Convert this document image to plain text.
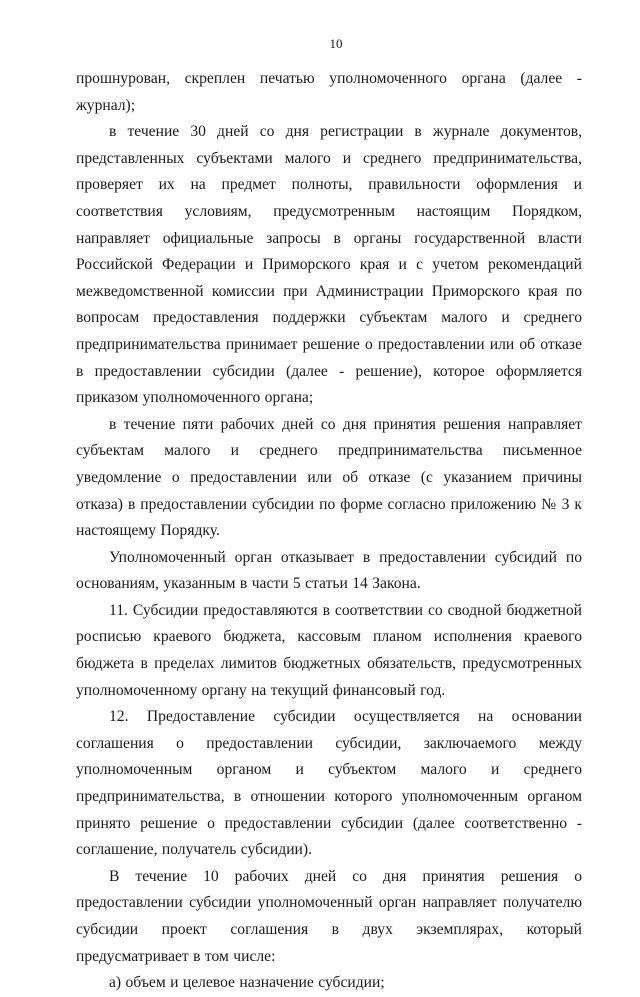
10

прошнурован, скреплен печатью уполномоченного органа (далее - журнал);

в течение 30 дней со дня регистрации в журнале документов, представленных субъектами малого и среднего предпринимательства, проверяет их на предмет полноты, правильности оформления и соответствия условиям, предусмотренным настоящим Порядком, направляет официальные запросы в органы государственной власти Российской Федерации и Приморского края и с учетом рекомендаций межведомственной комиссии при Администрации Приморского края по вопросам предоставления поддержки субъектам малого и среднего предпринимательства принимает решение о предоставлении или об отказе в предоставлении субсидии (далее - решение), которое оформляется приказом уполномоченного органа;

в течение пяти рабочих дней со дня принятия решения направляет субъектам малого и среднего предпринимательства письменное уведомление о предоставлении или об отказе (с указанием причины отказа) в предоставлении субсидии по форме согласно приложению № 3 к настоящему Порядку.

Уполномоченный орган отказывает в предоставлении субсидий по основаниям, указанным в части 5 статьи 14 Закона.

11. Субсидии предоставляются в соответствии со сводной бюджетной росписью краевого бюджета, кассовым планом исполнения краевого бюджета в пределах лимитов бюджетных обязательств, предусмотренных уполномоченному органу на текущий финансовый год.

12. Предоставление субсидии осуществляется на основании соглашения о предоставлении субсидии, заключаемого между уполномоченным органом и субъектом малого и среднего предпринимательства, в отношении которого уполномоченным органом принято решение о предоставлении субсидии (далее соответственно - соглашение, получатель субсидии).

В течение 10 рабочих дней со дня принятия решения о предоставлении субсидии уполномоченный орган направляет получателю субсидии проект соглашения в двух экземплярах, который предусматривает в том числе:

а) объем и целевое назначение субсидии;
